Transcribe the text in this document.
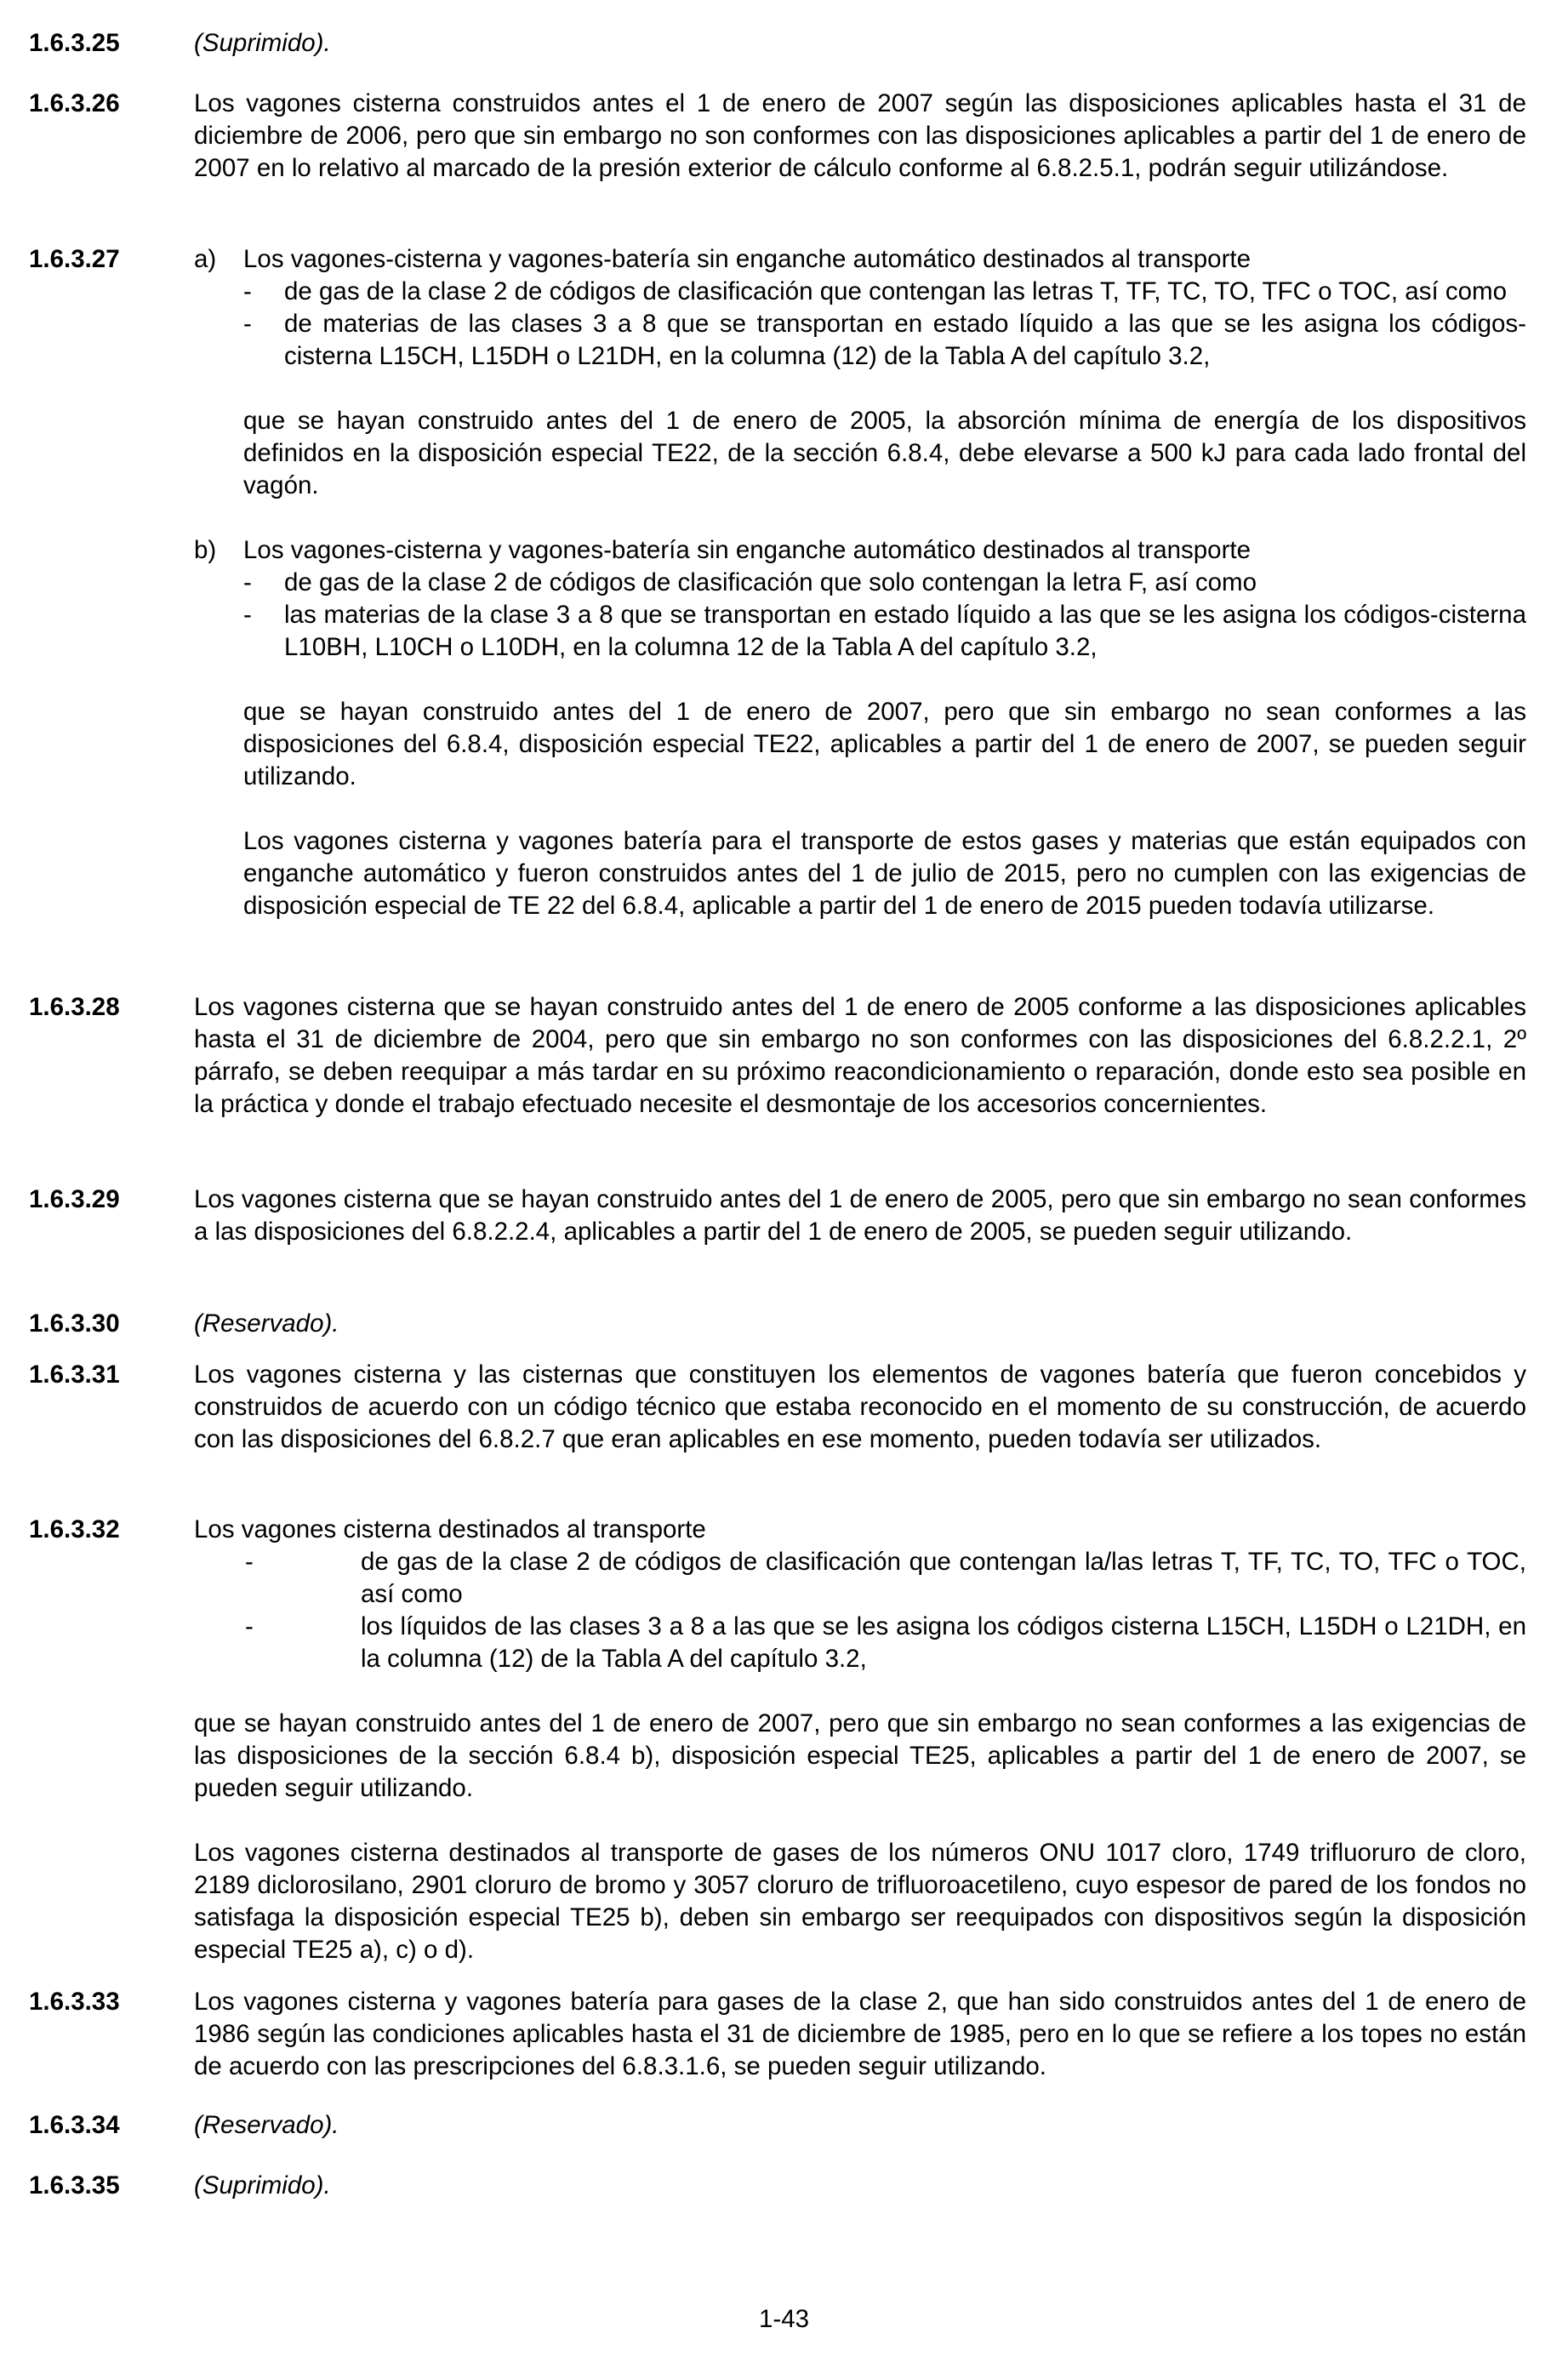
1.6.3.25	(Suprimido).

1.6.3.26	Los vagones cisterna construidos antes el 1 de enero de 2007 según las disposiciones aplicables hasta el 31 de diciembre de 2006, pero que sin embargo no son conformes con las disposiciones aplicables a partir del 1 de enero de 2007 en lo relativo al marcado de la presión exterior de cálculo conforme al 6.8.2.5.1, podrán seguir utilizándose.

1.6.3.27	a) Los vagones-cisterna y vagones-batería sin enganche automático destinados al transporte

- de gas de la clase 2 de códigos de clasificación que contengan las letras T, TF, TC, TO, TFC o TOC, así como

- de materias de las clases 3 a 8 que se transportan en estado líquido a las que se les asigna los códigos-cisterna L15CH, L15DH o L21DH, en la columna (12) de la Tabla A del capítulo 3.2,

que se hayan construido antes del 1 de enero de 2005, la absorción mínima de energía de los dispositivos definidos en la disposición especial TE22, de la sección 6.8.4, debe elevarse a 500 kJ para cada lado frontal del vagón.

b) Los vagones-cisterna y vagones-batería sin enganche automático destinados al transporte

- de gas de la clase 2 de códigos de clasificación que solo contengan la letra F, así como

- las materias de la clase 3 a 8 que se transportan en estado líquido a las que se les asigna los códigos-cisterna L10BH, L10CH o L10DH, en la columna 12 de la Tabla A del capítulo 3.2,

que se hayan construido antes del 1 de enero de 2007, pero que sin embargo no sean conformes a las disposiciones del 6.8.4, disposición especial TE22, aplicables a partir del 1 de enero de 2007, se pueden seguir utilizando.

Los vagones cisterna y vagones batería para el transporte de estos gases y materias que están equipados con enganche automático y fueron construidos antes del 1 de julio de 2015, pero no cumplen con las exigencias de disposición especial de TE 22 del 6.8.4, aplicable a partir del 1 de enero de 2015 pueden todavía utilizarse.

1.6.3.28	Los vagones cisterna que se hayan construido antes del 1 de enero de 2005 conforme a las disposiciones aplicables hasta el 31 de diciembre de 2004, pero que sin embargo no son conformes con las disposiciones del 6.8.2.2.1, 2º párrafo, se deben reequipar a más tardar en su próximo reacondicionamiento o reparación, donde esto sea posible en la práctica y donde el trabajo efectuado necesite el desmontaje de los accesorios concernientes.

1.6.3.29	Los vagones cisterna que se hayan construido antes del 1 de enero de 2005, pero que sin embargo no sean conformes a las disposiciones del 6.8.2.2.4, aplicables a partir del 1 de enero de 2005, se pueden seguir utilizando.

1.6.3.30	(Reservado).

1.6.3.31	Los vagones cisterna y las cisternas que constituyen los elementos de vagones batería que fueron concebidos y construidos de acuerdo con un código técnico que estaba reconocido en el momento de su construcción, de acuerdo con las disposiciones del 6.8.2.7 que eran aplicables en ese momento, pueden todavía ser utilizados.

1.6.3.32	Los vagones cisterna destinados al transporte

-	de gas de la clase 2 de códigos de clasificación que contengan la/las letras T, TF, TC, TO, TFC o TOC, así como

-	los líquidos de las clases 3 a 8 a las que se les asigna los códigos cisterna L15CH, L15DH o L21DH, en la columna (12) de la Tabla A del capítulo 3.2,

que se hayan construido antes del 1 de enero de 2007, pero que sin embargo no sean conformes a las exigencias de las disposiciones de la sección 6.8.4 b), disposición especial TE25, aplicables a partir del 1 de enero de 2007, se pueden seguir utilizando.

Los vagones cisterna destinados al transporte de gases de los números ONU 1017 cloro, 1749 trifluoruro de cloro, 2189 diclorosilano, 2901 cloruro de bromo y 3057 cloruro de trifluoroacetileno, cuyo espesor de pared de los fondos no satisfaga la disposición especial TE25 b), deben sin embargo ser reequipados con dispositivos según la disposición especial TE25 a), c) o d).

1.6.3.33	Los vagones cisterna y vagones batería para gases de la clase 2, que han sido construidos antes del 1 de enero de 1986 según las condiciones aplicables hasta el 31 de diciembre de 1985, pero en lo que se refiere a los topes no están de acuerdo con las prescripciones del 6.8.3.1.6, se pueden seguir utilizando.

1.6.3.34	(Reservado).

1.6.3.35	(Suprimido).

1-43
